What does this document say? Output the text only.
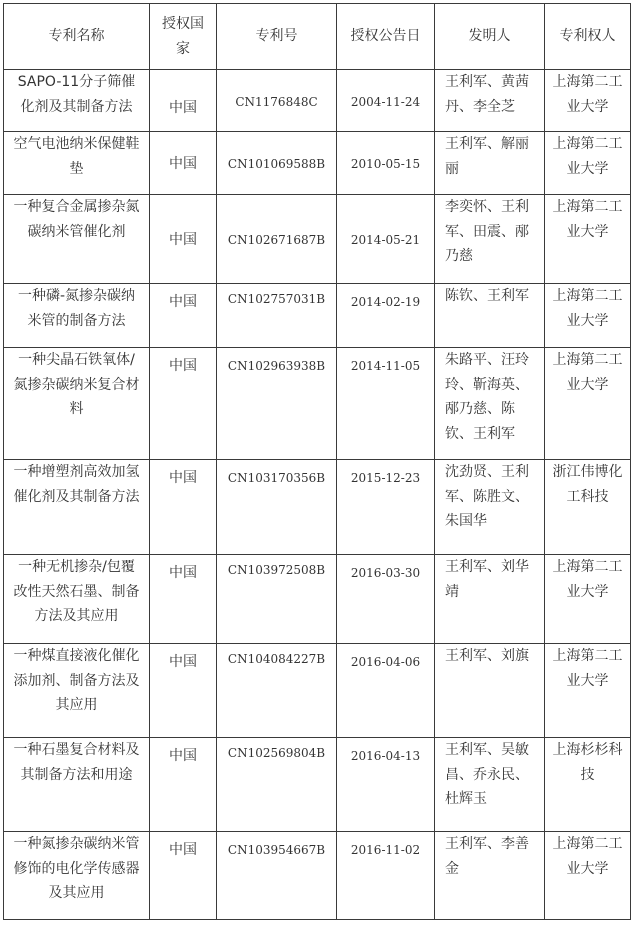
专利名称	授权国家	专利号	授权公告日	发明人	专利权人
SAPO-11分子筛催化剂及其制备方法	中国	CN1176848C	2004-11-24	王利军、黄茜丹、李全芝	上海第二工业大学
空气电池纳米保健鞋垫	中国	CN101069588B	2010-05-15	王利军、解丽丽	上海第二工业大学
一种复合金属掺杂氮碳纳米管催化剂	中国	CN102671687B	2014-05-21	李奕怀、王利军、田震、邴乃慈	上海第二工业大学
一种磷-氮掺杂碳纳米管的制备方法	中国	CN102757031B	2014-02-19	陈钦、王利军	上海第二工业大学
一种尖晶石铁氧体/氮掺杂碳纳米复合材料	中国	CN102963938B	2014-11-05	朱路平、汪玲玲、靳海英、邴乃慈、陈钦、王利军	上海第二工业大学
一种增塑剂高效加氢催化剂及其制备方法	中国	CN103170356B	2015-12-23	沈劲贤、王利军、陈胜文、朱国华	浙江伟博化工科技
一种无机掺杂/包覆改性天然石墨、制备方法及其应用	中国	CN103972508B	2016-03-30	王利军、刘华靖	上海第二工业大学
一种煤直接液化催化添加剂、制备方法及其应用	中国	CN104084227B	2016-04-06	王利军、刘旗	上海第二工业大学
一种石墨复合材料及其制备方法和用途	中国	CN102569804B	2016-04-13	王利军、吴敏昌、乔永民、杜辉玉	上海杉杉科技
一种氮掺杂碳纳米管修饰的电化学传感器及其应用	中国	CN103954667B	2016-11-02	王利军、李善金	上海第二工业大学
